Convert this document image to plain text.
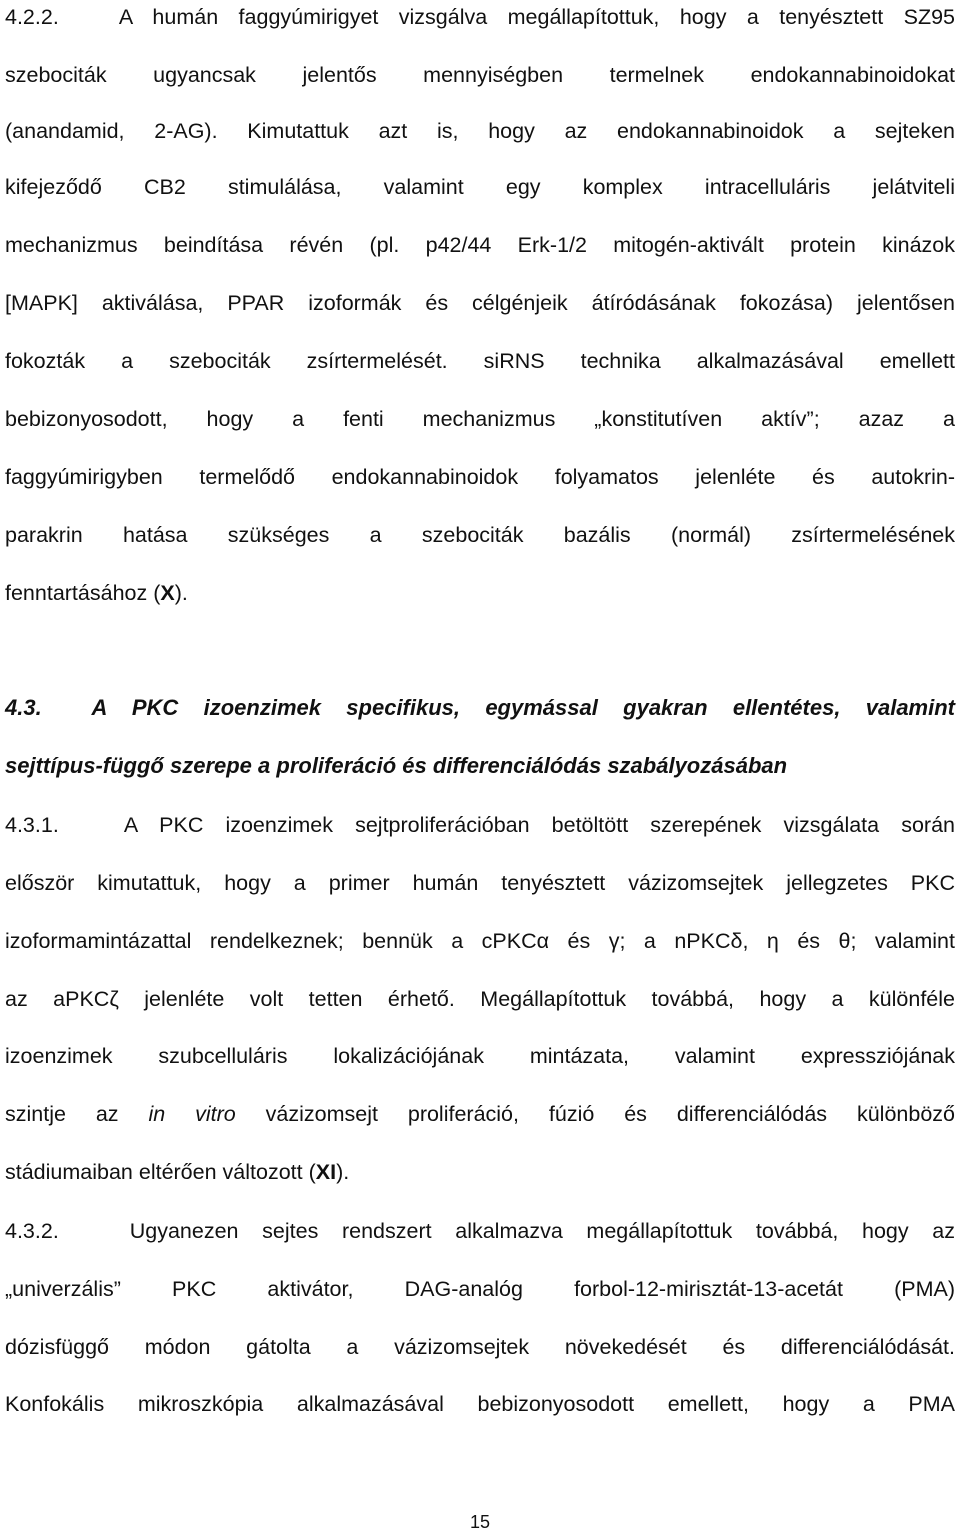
4.2.2.   A humán faggyúmirigyet vizsgálva megállapítottuk, hogy a tenyésztett SZ95
szebociták ugyancsak jelentős mennyiségben termelnek endokannabinoidokat
(anandamid, 2-AG). Kimutattuk azt is, hogy az endokannabinoidok a sejteken
kifejeződő CB2 stimulálása, valamint egy komplex intracelluláris jelátviteli
mechanizmus beindítása révén (pl. p42/44 Erk-1/2 mitogén-aktivált protein kinázok
[MAPK] aktiválása, PPAR izoformák és célgénjeik átíródásának fokozása) jelentősen
fokozták a szebociták zsírtermelését. siRNS technika alkalmazásával emellett
bebizonyosodott, hogy a fenti mechanizmus „konstitutíven aktív”; azaz a
faggyúmirigyben termelődő endokannabinoidok folyamatos jelenléte és autokrin-
parakrin hatása szükséges a szebociták bazális (normál) zsírtermelésének
fenntartásához (X).
4.3.  A PKC izoenzimek specifikus, egymással gyakran ellentétes, valamint
sejttípus-függő szerepe a proliferáció és differenciálódás szabályozásában
4.3.1.   A PKC izoenzimek sejtproliferációban betöltött szerepének vizsgálata során
először kimutattuk, hogy a primer humán tenyésztett vázizomsejtek jellegzetes PKC
izoformamintázattal rendelkeznek; bennük a cPKCα és γ; a nPKCδ, η és θ; valamint
az aPKCζ jelenléte volt tetten érhető. Megállapítottuk továbbá, hogy a különféle
izoenzimek szubcelluláris lokalizációjának mintázata, valamint expressziójának
szintje az in vitro vázizomsejt proliferáció, fúzió és differenciálódás különböző
stádiumaiban eltérően változott (XI).
4.3.2.   Ugyanezen sejtes rendszert alkalmazva megállapítottuk továbbá, hogy az
„univerzális” PKC aktivátor, DAG-analóg forbol-12-mirisztát-13-acetát (PMA)
dózisfüggő módon gátolta a vázizomsejtek növekedését és differenciálódását.
Konfokális mikroszkópia alkalmazásával bebizonyosodott emellett, hogy a PMA
15
